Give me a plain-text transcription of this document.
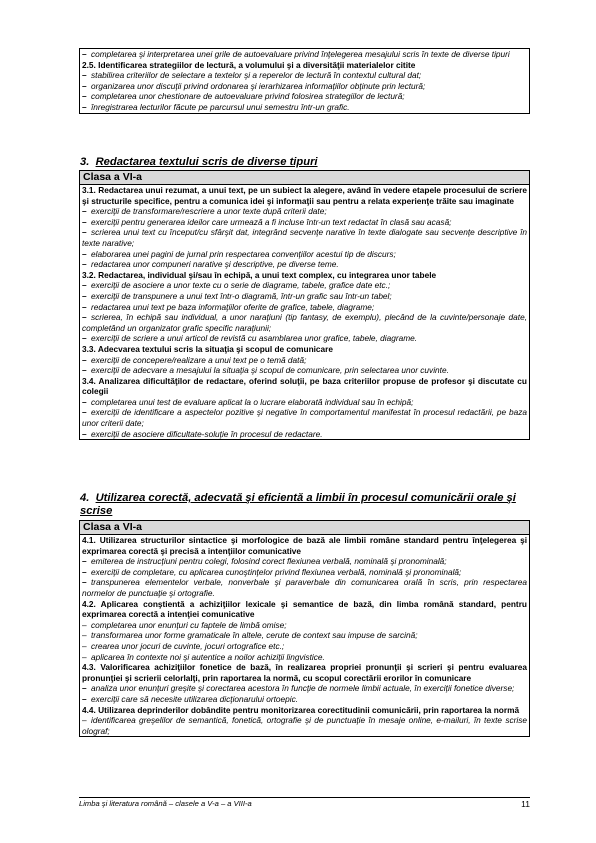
– completarea şi interpretarea unei grile de autoevaluare privind înţelegerea mesajului scris în texte de diverse tipuri
2.5. Identificarea strategiilor de lectură, a volumului şi a diversităţii materialelor citite
– stabilirea criteriilor de selectare a textelor şi a reperelor de lectură în contextul cultural dat;
– organizarea unor discuţii privind ordonarea şi ierarhizarea informaţiilor obţinute prin lectură;
– completarea unor chestionare de autoevaluare privind folosirea strategiilor de lectură;
– înregistrarea lecturilor făcute pe parcursul unui semestru într-un grafic.
3. Redactarea textului scris de diverse tipuri
Clasa a VI-a
3.1. Redactarea unui rezumat, a unui text, pe un subiect la alegere, având în vedere etapele procesului de scriere şi structurile specifice, pentru a comunica idei şi informaţii sau pentru a relata experienţe trăite sau imaginate
– exerciţii de transformare/rescriere a unor texte după criterii date;
– exerciţii pentru generarea ideilor care urmează a fi incluse într-un text redactat în clasă sau acasă;
– scrierea unui text cu început/cu sfârşit dat, integrând secvenţe narative în texte dialogate sau secvenţe descriptive în texte narative;
– elaborarea unei pagini de jurnal prin respectarea convenţiilor acestui tip de discurs;
– redactarea unor compuneri narative şi descriptive, pe diverse teme.
3.2. Redactarea, individual şi/sau în echipă, a unui text complex, cu integrarea unor tabele
– exerciţii de asociere a unor texte cu o serie de diagrame, tabele, grafice date etc.;
– exerciţii de transpunere a unui text într-o diagramă, într-un grafic sau într-un tabel;
– redactarea unui text pe baza informaţiilor oferite de grafice, tabele, diagrame;
– scrierea, în echipă sau individual, a unor naraţiuni (tip fantasy, de exemplu), plecând de la cuvinte/personaje date, completând un organizator grafic specific naraţiunii;
– exerciţii de scriere a unui articol de revistă cu asamblarea unor grafice, tabele, diagrame.
3.3. Adecvarea textului scris la situaţia şi scopul de comunicare
– exerciţii de concepere/realizare a unui text pe o temă dată;
– exerciţii de adecvare a mesajului la situaţia şi scopul de comunicare, prin selectarea unor cuvinte.
3.4. Analizarea dificultăţilor de redactare, oferind soluţii, pe baza criteriilor propuse de profesor şi discutate cu colegii
– completarea unui test de evaluare aplicat la o lucrare elaborată individual sau în echipă;
– exerciţii de identificare a aspectelor pozitive şi negative în comportamentul manifestat în procesul redactării, pe baza unor criterii date;
– exerciţii de asociere dificultate-soluţie în procesul de redactare.
4. Utilizarea corectă, adecvată şi eficientă a limbii în procesul comunicării orale şi scrise
Clasa a VI-a
4.1. Utilizarea structurilor sintactice şi morfologice de bază ale limbii române standard pentru înţelegerea şi exprimarea corectă şi precisă a intenţiilor comunicative
– emiterea de instrucţiuni pentru colegi, folosind corect flexiunea verbală, nominală şi pronominală;
– exerciţii de completare, cu aplicarea cunoştinţelor privind flexiunea verbală, nominală şi pronominală;
– transpunerea elementelor verbale, nonverbale şi paraverbale din comunicarea orală în scris, prin respectarea normelor de punctuaţie şi ortografie.
4.2. Aplicarea conştientă a achiziţiilor lexicale şi semantice de bază, din limba română standard, pentru exprimarea corectă a intenţiei comunicative
– completarea unor enunţuri cu faptele de limbă omise;
– transformarea unor forme gramaticale în altele, cerute de context sau impuse de sarcină;
– crearea unor jocuri de cuvinte, jocuri ortografice etc.;
– aplicarea în contexte noi şi autentice a noilor achiziţii lingvistice.
4.3. Valorificarea achiziţiilor fonetice de bază, în realizarea propriei pronunţii şi scrieri şi pentru evaluarea pronunţiei şi scrierii celorlalţi, prin raportarea la normă, cu scopul corectării erorilor în comunicare
– analiza unor enunţuri greşite şi corectarea acestora în funcţie de normele limbii actuale, în exerciţii fonetice diverse;
– exerciţii care să necesite utilizarea dicţionarului ortoepic.
4.4. Utilizarea deprinderilor dobândite pentru monitorizarea corectitudinii comunicării, prin raportarea la normă
– identificarea greşelilor de semantică, fonetică, ortografie şi de punctuaţie în mesaje online, e-mailuri, în texte scrise olograf;
Limba şi literatura română – clasele a V-a – a VIII-a	11
